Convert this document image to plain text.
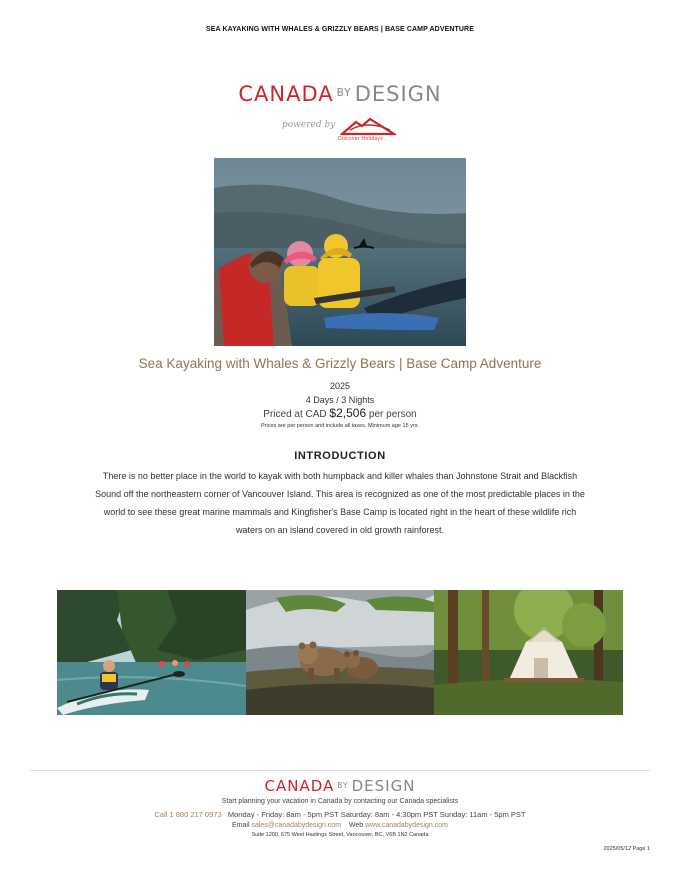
SEA KAYAKING WITH WHALES & GRIZZLY BEARS | BASE CAMP ADVENTURE
CANADA $^{BY}$ DESIGN
powered by
Discover Holidays
Sea Kayaking with Whales & Grizzly Bears | Base Camp Adventure
2025
4 Days / 3 Nights
Priced at CAD $2,506 per person
Prices are per person and include all taxes. Minimum age 15 yrs.
INTRODUCTION
There is no better place in the world to kayak with both humpback and killer whales than Johnstone Strait and Blackfish Sound off the northeastern corner of Vancouver Island. This area is recognized as one of the most predictable places in the world to see these great marine mammals and Kingfisher's Base Camp is located right in the heart of these wildlife rich waters on an island covered in old growth rainforest.
CANADA $^{BY}$ DESIGN
Start planning your vacation in Canada by contacting our Canada specialists
Call 1 800 217 0973 Monday - Friday: 8am - 5pm PST Saturday: 8am - 4:30pm PST Sunday: 11am - 5pm PST
Email sales@canadabydesign.com Web www.canadabydesign.com
Suite 1200, 675 West Hastings Street, Vancouver, BC, V6B 1N2 Canada
2025/05/12 Page 1
